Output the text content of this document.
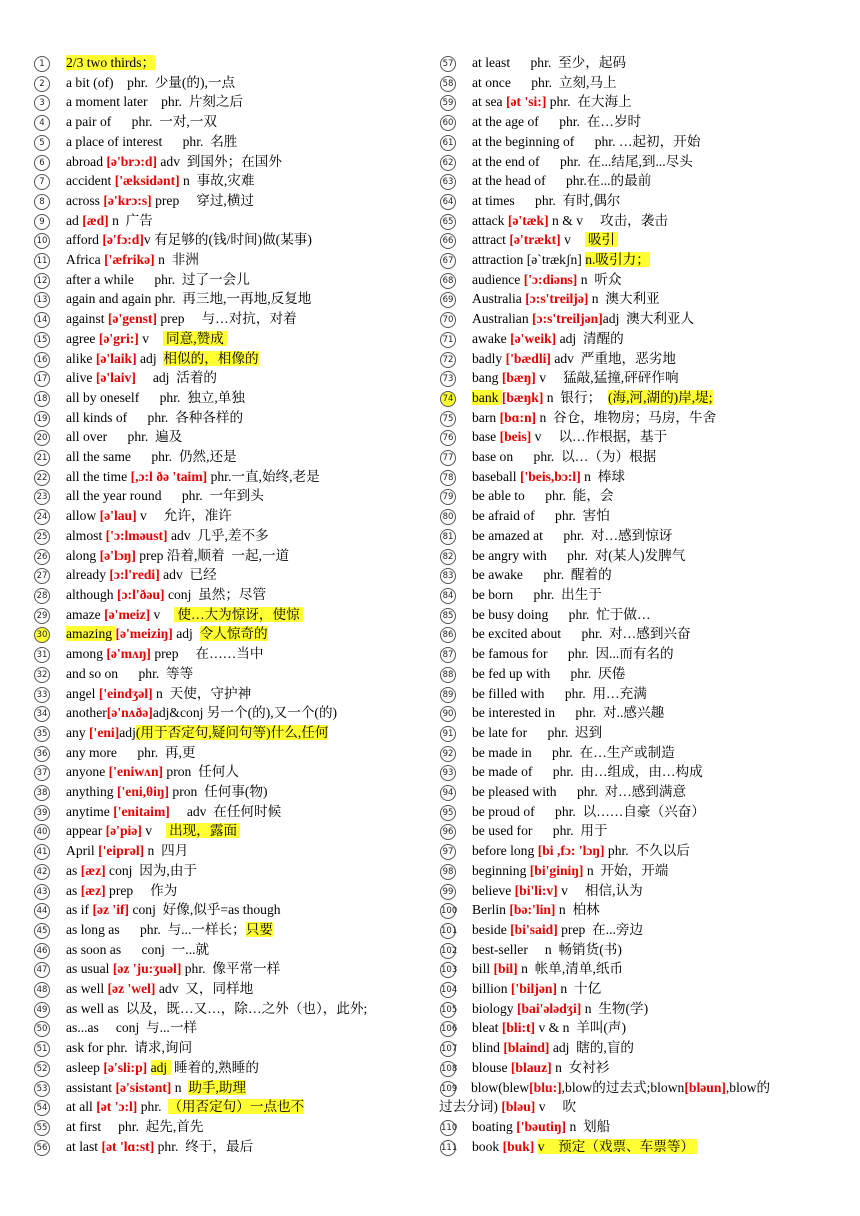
1	2/3 two thirds；
2	a bit (of)    phr.  少量(的),一点
3	a moment later    phr.  片刻之后
4	a pair of      phr.  一对,一双
5	a place of interest      phr.  名胜
6	abroad [ə'brɔ:d] adv  到国外；在国外
7	accident ['æksidənt] n  事故,灾难
8	across [ə'krɔ:s] prep     穿过,横过
9	ad [æd] n  广告
10	afford [ə'fɔ:d]v 有足够的(钱/时间)做(某事)
11	Africa ['æfrikə] n  非洲
12	after a while      phr.  过了一会儿
13	again and again phr.  再三地,一再地,反复地
14	against [ə'genst] prep     与…对抗，对着
15	agree [ə'gri:] v     同意,赞成
16	alike [ə'laik] adj  相似的，相像的
17	alive [ə'laiv]     adj  活着的
18	all by oneself      phr.  独立,单独
19	all kinds of      phr.  各种各样的
20	all over      phr.  遍及
21	all the same      phr.  仍然,还是
22	all the time [,ɔ:l ðə 'taim] phr.一直,始终,老是
23	all the year round      phr.  一年到头
24	allow [ə'lau] v     允许，准许
25	almost ['ɔ:lməust] adv  几乎,差不多
26	along [ə'lɔŋ] prep 沿着,顺着  一起,一道
27	already [ɔ:l'redi] adv  已经
28	although [ɔ:l'ðəu] conj  虽然；尽管
29	amaze [ə'meiz] v     使…大为惊讶，使惊
30	amazing [ə'meiziŋ] adj  令人惊奇的
31	among [ə'mʌŋ] prep     在……当中
32	and so on      phr.  等等
33	angel ['eindʒəl] n  天使，守护神
34	another[ə'nʌðə]adj&conj 另一个(的),又一个(的)
35	any ['eni]adj(用于否定句,疑问句等)什么,任何
36	any more      phr.  再,更
37	anyone ['eniwʌn] pron  任何人
38	anything ['eni,θiŋ] pron  任何事(物)
39	anytime ['enitaim]     adv  在任何时候
40	appear [ə'piə] v     出现，露面
41	April ['eiprəl] n  四月
42	as [æz] conj  因为,由于
43	as [æz] prep     作为
44	as if [əz 'if] conj  好像,似乎=as though
45	as long as      phr.  与...一样长；只要
46	as soon as      conj  一...就
47	as usual [əz 'ju:ʒuəl] phr.  像平常一样
48	as well [əz 'wel] adv  又，同样地
49	as well as  以及，既…又…，除…之外（也），此外;
50	as...as     conj  与...一样
51	ask for phr.  请求,询问
52	asleep [ə'sli:p] adj  睡着的,熟睡的
53	assistant [ə'sistənt] n  助手,助理
54	at all [ət 'ɔ:l] phr.  （用否定句）一点也不
55	at first     phr.  起先,首先
56	at last [ət 'lɑ:st] phr.  终于，最后
57	at least      phr.  至少，起码
58	at once      phr.  立刻,马上
59	at sea [ət 'si:] phr.  在大海上
60	at the age of      phr.  在…岁时
61	at the beginning of      phr. …起初，开始
62	at the end of      phr.  在...结尾,到...尽头
63	at the head of      phr.在...的最前
64	at times      phr.  有时,偶尔
65	attack [ə'tæk] n & v     攻击，袭击
66	attract [ə'trækt] v     吸引
67	attraction [ə`trækʃn] n.吸引力；
68	audience ['ɔ:diəns] n  听众
69	Australia [ɔ:s'treiljə] n  澳大利亚
70	Australian [ɔ:s'treiljən]adj  澳大利亚人
71	awake [ə'weik] adj  清醒的
72	badly ['bædli] adv  严重地，恶劣地
73	bang [bæŋ] v     猛敲,猛撞,砰砰作响
74	bank [bæŋk] n  银行；  (海,河,湖的)岸,堤;
75	barn [bɑ:n] n  谷仓，堆物房；马房，牛舍
76	base [beis] v     以…作根据，基于
77	base on      phr.  以…（为）根据
78	baseball ['beis,bɔ:l] n  棒球
79	be able to      phr.  能，会
80	be afraid of      phr.  害怕
81	be amazed at      phr.  对…感到惊讶
82	be angry with      phr.  对(某人)发脾气
83	be awake      phr.  醒着的
84	be born      phr.  出生于
85	be busy doing      phr.  忙于做…
86	be excited about      phr.  对…感到兴奋
87	be famous for      phr.  因...而有名的
88	be fed up with      phr.  厌倦
89	be filled with      phr.  用…充满
90	be interested in      phr.  对..感兴趣
91	be late for      phr.  迟到
92	be made in      phr.  在…生产或制造
93	be made of      phr.  由…组成，由…构成
94	be pleased with      phr.  对…感到满意
95	be proud of      phr.  以……自豪（兴奋）
96	be used for      phr.  用于
97	before long [bi ,fɔ: 'lɔŋ] phr.  不久以后
98	beginning [bi'giniŋ] n  开始，开端
99	believe [bi'li:v] v     相信,认为
100	Berlin [bə:'lin] n  柏林
101	beside [bi'said] prep  在...旁边
102	best-seller     n  畅销货(书)
103	bill [bil] n  帐单,清单,纸币
104	billion ['biljən] n  十亿
105	biology [bai'ələdʒi] n  生物(学)
106	bleat [bli:t] v & n  羊叫(声)
107	blind [blaind] adj  瞎的,盲的
108	blouse [blauz] n  女衬衫
109	blow(blew[blu:],blow的过去式;blown[bləun],blow的
过去分词) [bləu] v     吹
110	boating ['bəutiŋ] n  划船
111	book [buk] v    预定（戏票、车票等）
